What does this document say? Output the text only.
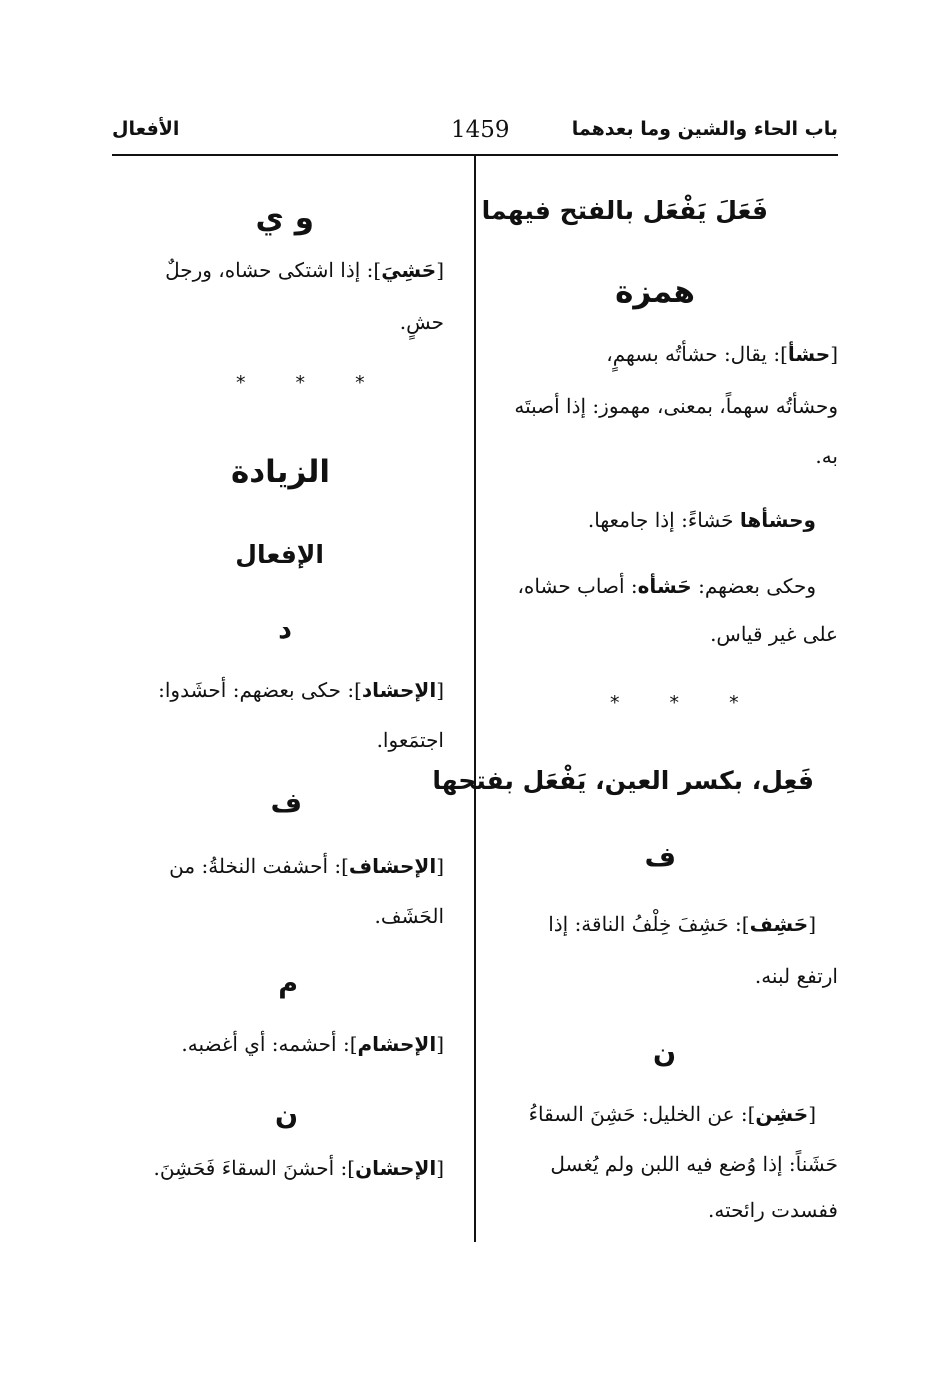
باب الحاء والشين وما بعدهما
1459
الأفعال
فَعَلَ يَفْعَل بالفتح فيهما
همزة
[حشأ]: يقال: حشأتُه بسهمٍ،
وحشأتُه سهماً، بمعنى، مهموز: إذا أصبتَه
به.
وحشأها حَشاءً: إذا جامعها.
وحكى بعضهم: حَشأه: أصاب حشاه،
على غير قياس.
* * *
فَعِل، بكسر العين، يَفْعَل بفتحها
ف
[حَشِف]: حَشِفَ خِلْفُ الناقة: إذا
ارتفع لبنه.
ن
[حَشِن]: عن الخليل: حَشِنَ السقاءُ
حَشَناً: إذا وُضع فيه اللبن ولم يُغسل
ففسدت رائحته.
و ي
[حَشِيَ]: إذا اشتكى حشاه، ورجلٌ
حشٍ.
* * *
الزيادة
الإفعال
د
[الإحشاد]: حكى بعضهم: أحشَدوا:
اجتمَعوا.
ف
[الإحشاف]: أحشفت النخلةُ: من
الحَشَف.
م
[الإحشام]: أحشمه: أي أغضبه.
ن
[الإحشان]: أحشنَ السقاءَ فَحَشِنَ.
